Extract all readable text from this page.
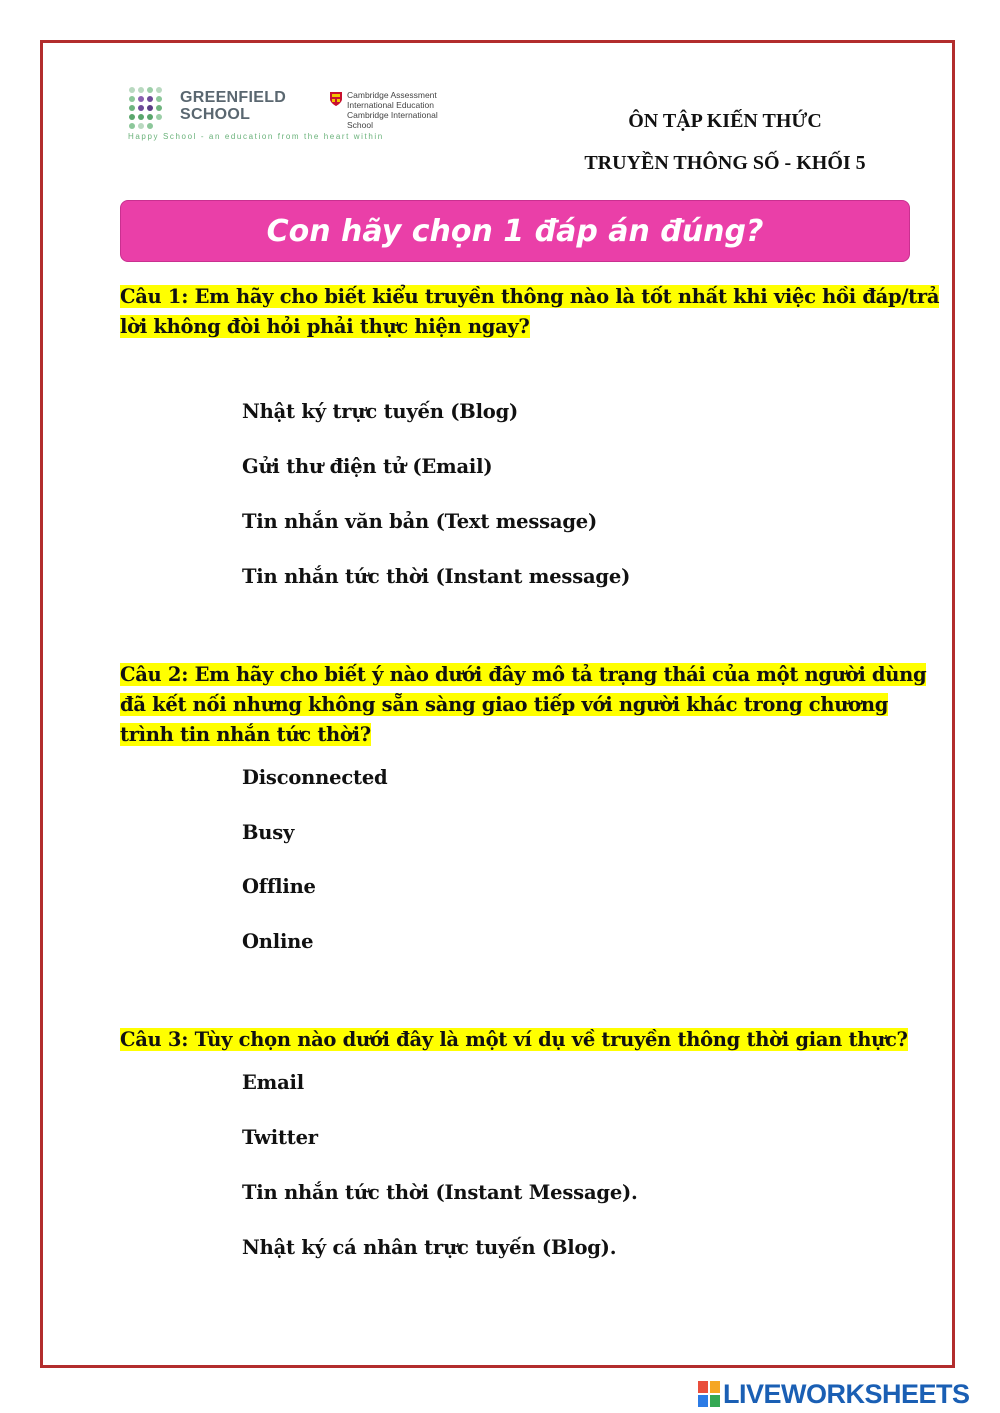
GREENFIELD
SCHOOL
Cambridge Assessment
International Education
Cambridge International School
Happy School - an education from the heart within
ÔN TẬP KIẾN THỨC
TRUYỀN THÔNG SỐ - KHỐI 5
Con hãy chọn 1 đáp án đúng?
Câu 1: Em hãy cho biết kiểu truyền thông nào là tốt nhất khi việc hồi đáp/trả lời không đòi hỏi phải thực hiện ngay?
Nhật ký trực tuyến (Blog)
Gửi thư điện tử (Email)
Tin nhắn văn bản (Text message)
Tin nhắn tức thời (Instant message)
Câu 2: Em hãy cho biết ý nào dưới đây mô tả trạng thái của một người dùng đã kết nối nhưng không sẵn sàng giao tiếp với người khác trong chương trình tin nhắn tức thời?
Disconnected
Busy
Offline
Online
Câu 3: Tùy chọn nào dưới đây là một ví dụ về truyền thông thời gian thực?
Email
Twitter
Tin nhắn tức thời (Instant Message).
Nhật ký cá nhân trực tuyến (Blog).
LIVEWORKSHEETS
